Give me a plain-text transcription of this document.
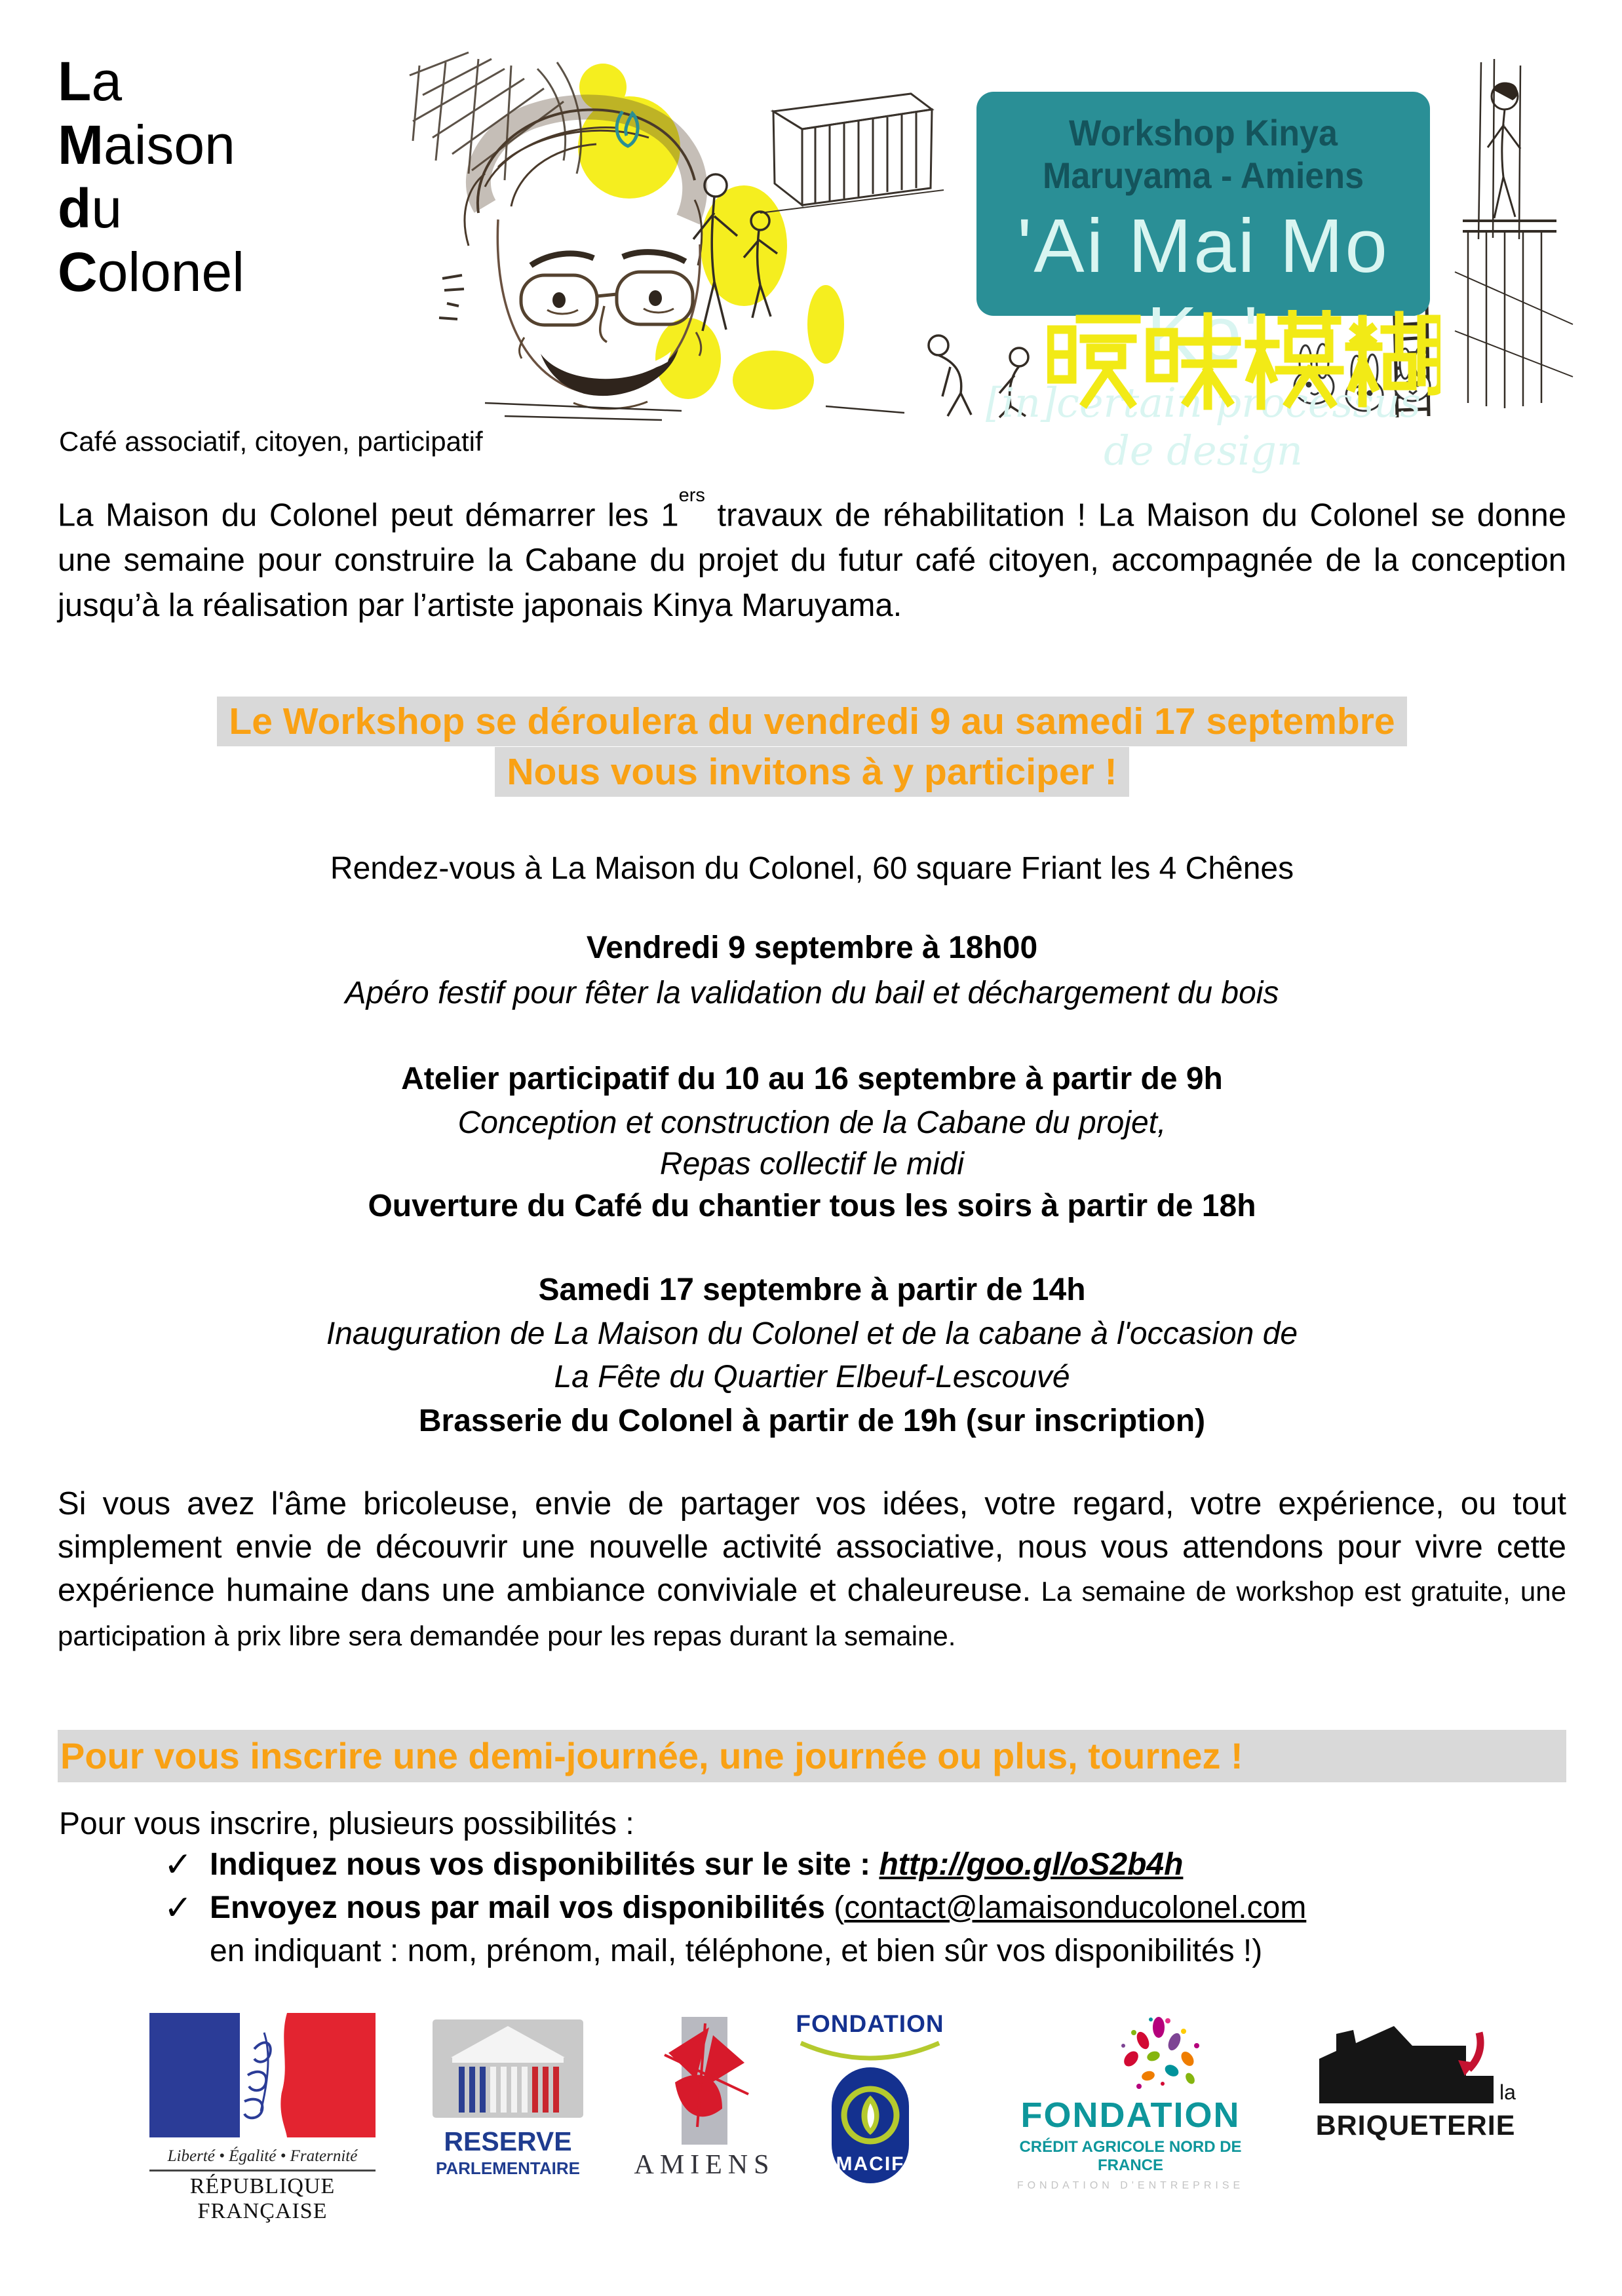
La
Maison
du
Colonel
Café associatif, citoyen, participatif
Workshop Kinya Maruyama - Amiens
'Ai Mai Mo Ko'
[in]certain processus de design
La Maison du Colonel peut démarrer les 1ers travaux de réhabilitation ! La Maison du Colonel se donne une semaine pour construire la Cabane du projet du futur café citoyen, accompagnée de la conception jusqu’à la réalisation par l’artiste japonais Kinya Maruyama.
Le Workshop se déroulera du vendredi 9 au samedi 17 septembre
Nous vous invitons à y participer !
Rendez-vous à La Maison du Colonel, 60 square Friant les 4 Chênes
Vendredi 9 septembre à 18h00
Apéro festif pour fêter la validation du bail et déchargement du bois
Atelier participatif du 10 au 16 septembre à partir de 9h
Conception et construction de la Cabane du projet,
Repas collectif le midi
Ouverture du Café du chantier tous les soirs à partir de 18h
Samedi 17 septembre à partir de 14h
Inauguration de La Maison du Colonel et de la cabane à l'occasion de
La Fête du Quartier Elbeuf-Lescouvé
Brasserie du Colonel à partir de 19h (sur inscription)
Si vous avez l'âme bricoleuse, envie de partager vos idées, votre regard, votre expérience, ou tout simplement envie de découvrir une nouvelle activité associative, nous vous attendons pour vivre cette expérience humaine dans une ambiance conviviale et chaleureuse. La semaine de workshop est gratuite, une participation à prix libre sera demandée pour les repas durant la semaine.
Pour vous inscrire une demi-journée, une journée ou plus, tournez !
Pour vous inscrire, plusieurs possibilités :
✓ Indiquez nous vos disponibilités sur le site : http://goo.gl/oS2b4h
✓ Envoyez nous par mail vos disponibilités (contact@lamaisonducolonel.com
en indiquant : nom, prénom, mail, téléphone, et bien sûr vos disponibilités !)
Liberté • Égalité • Fraternité
RÉPUBLIQUE FRANÇAISE
RESERVE
PARLEMENTAIRE	AMIENS
FONDATION
MACIF
FONDATION
CRÉDIT AGRICOLE NORD DE FRANCE
FONDATION D'ENTREPRISE
la
BRIQUETERIE
